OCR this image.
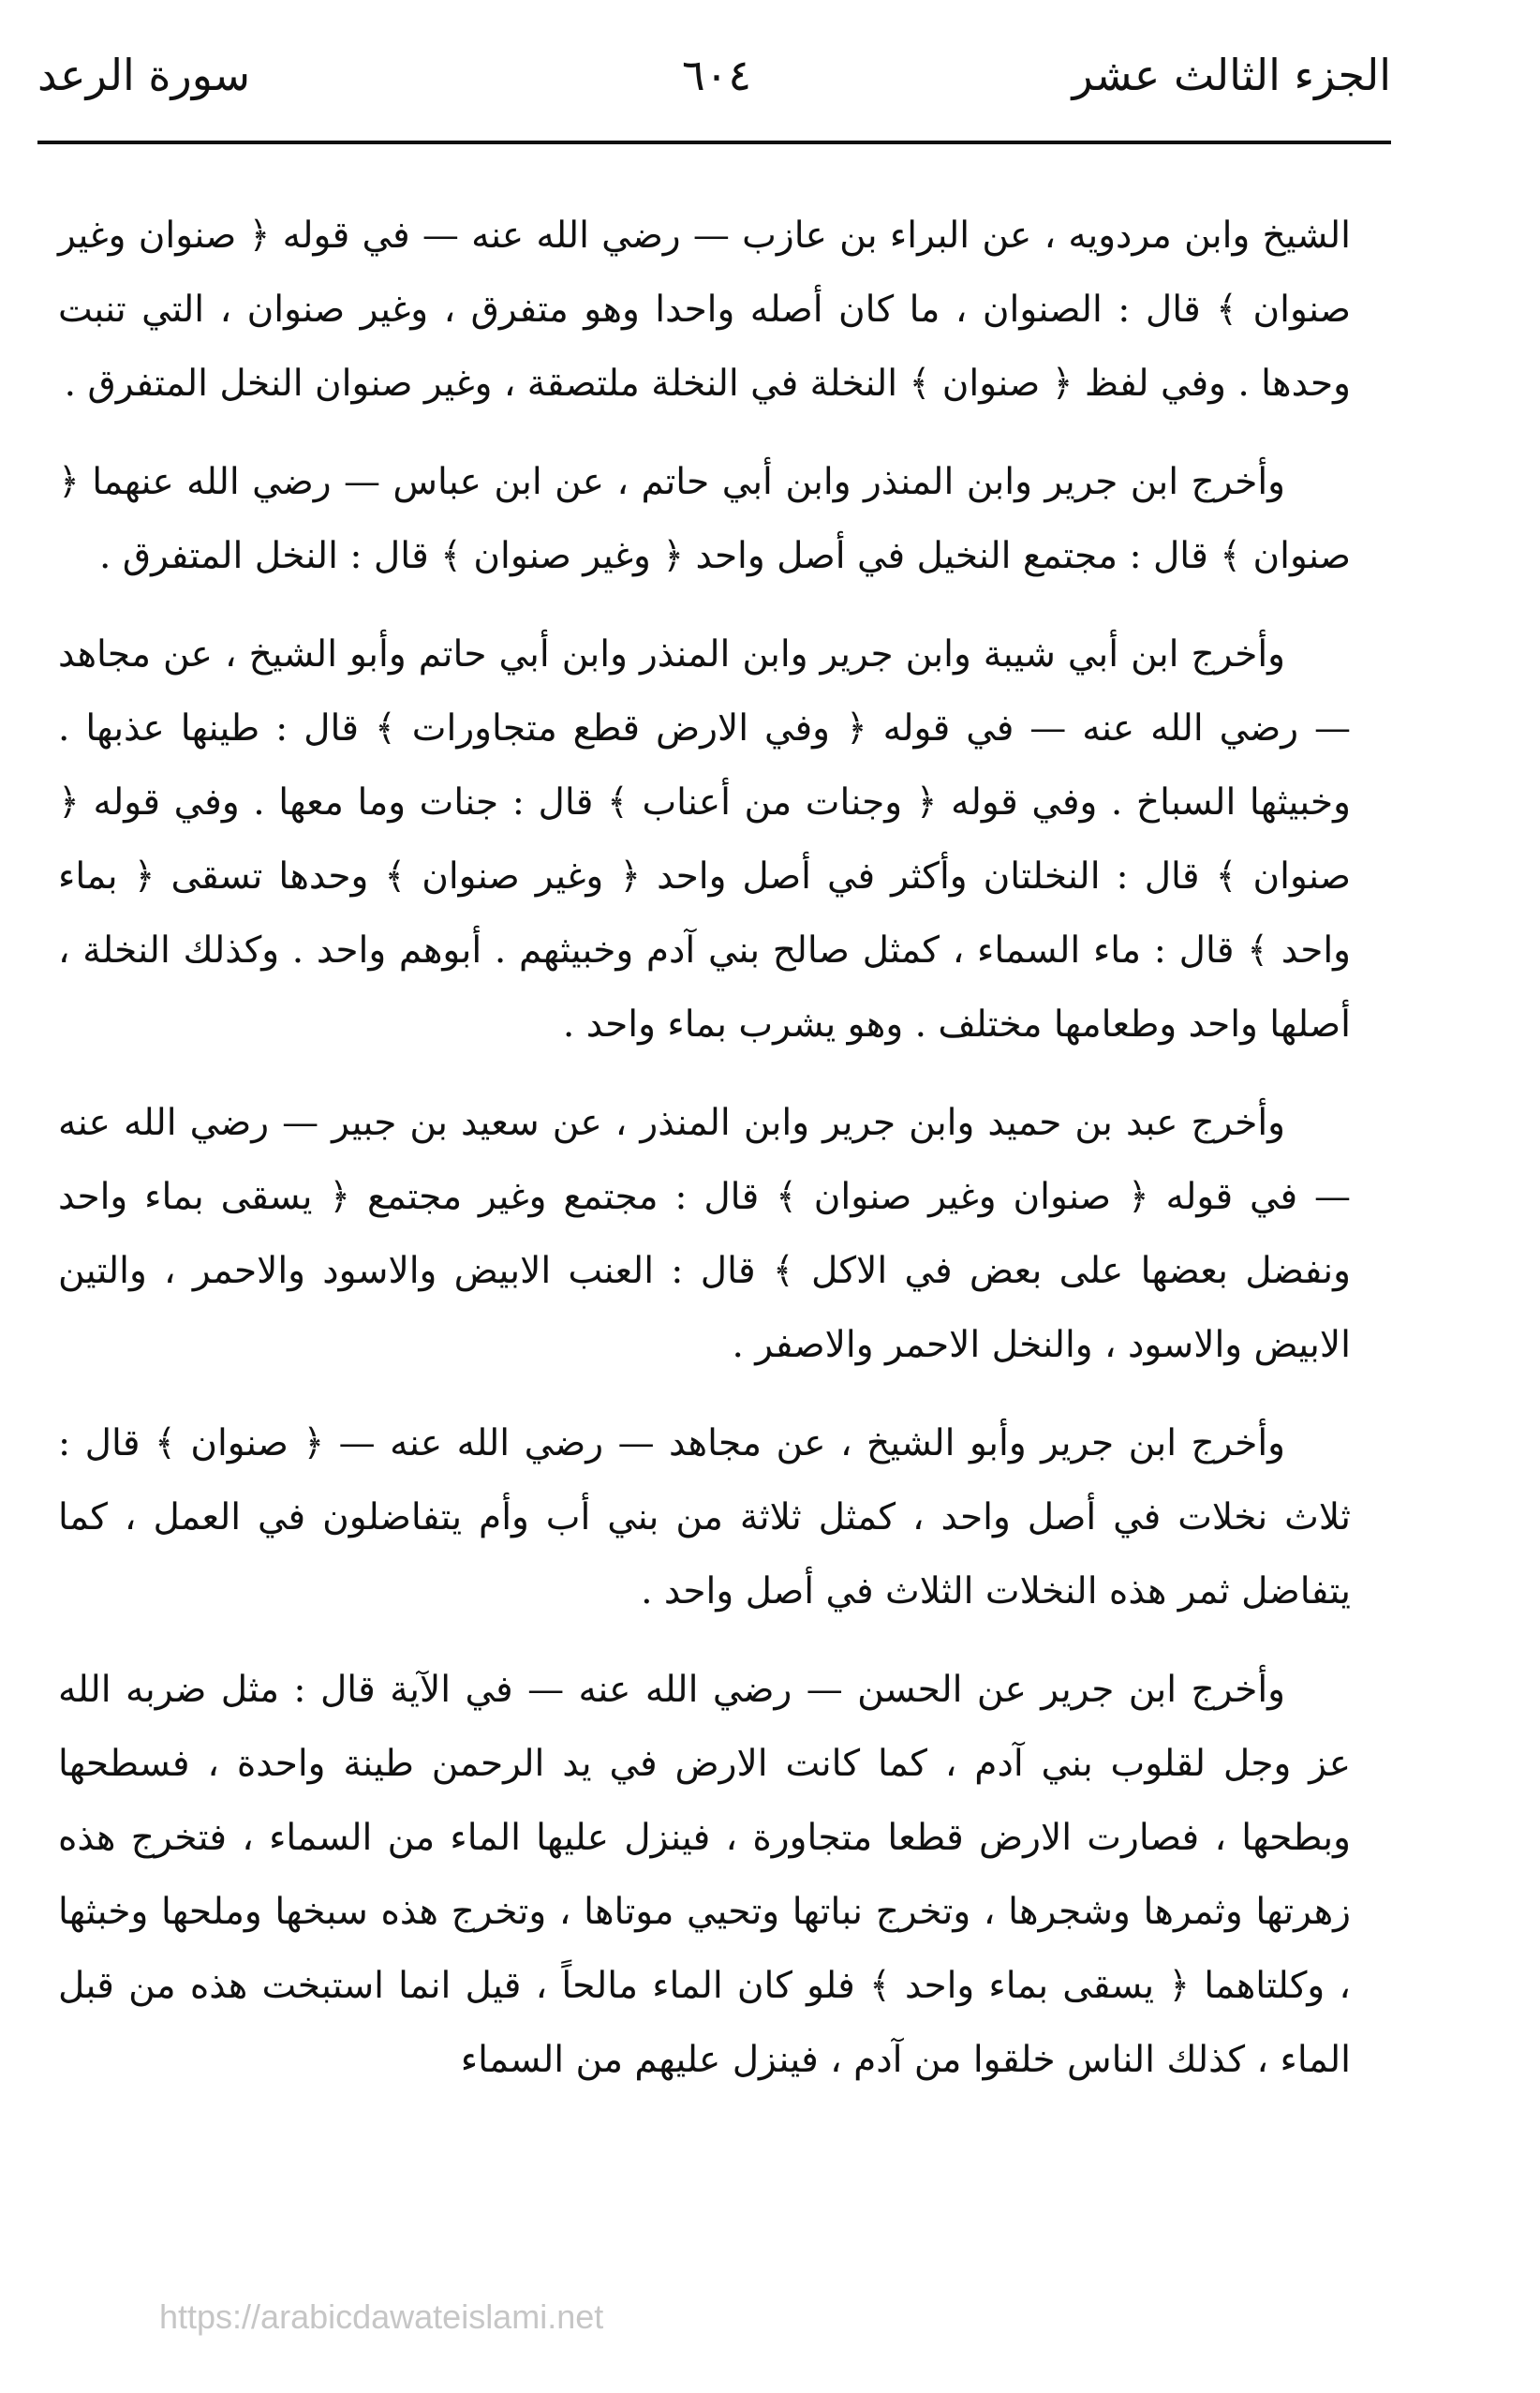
الجزء الثالث عشر
٦٠٤
سورة الرعد

الشيخ وابن مردويه ، عن البراء بن عازب — رضي الله عنه — في قوله ﴿ صنوان وغير صنوان ﴾ قال : الصنوان ، ما كان أصله واحدا وهو متفرق ، وغير صنوان ، التي تنبت وحدها . وفي لفظ ﴿ صنوان ﴾ النخلة في النخلة ملتصقة ، وغير صنوان النخل المتفرق .

وأخرج ابن جرير وابن المنذر وابن أبي حاتم ، عن ابن عباس — رضي الله عنهما ﴿ صنوان ﴾ قال : مجتمع النخيل في أصل واحد ﴿ وغير صنوان ﴾ قال : النخل المتفرق .

وأخرج ابن أبي شيبة وابن جرير وابن المنذر وابن أبي حاتم وأبو الشيخ ، عن مجاهد — رضي الله عنه — في قوله ﴿ وفي الارض قطع متجاورات ﴾ قال : طينها عذبها . وخبيثها السباخ . وفي قوله ﴿ وجنات من أعناب ﴾ قال : جنات وما معها . وفي قوله ﴿ صنوان ﴾ قال : النخلتان وأكثر في أصل واحد ﴿ وغير صنوان ﴾ وحدها تسقى ﴿ بماء واحد ﴾ قال : ماء السماء ، كمثل صالح بني آدم وخبيثهم . أبوهم واحد . وكذلك النخلة ، أصلها واحد وطعامها مختلف . وهو يشرب بماء واحد .

وأخرج عبد بن حميد وابن جرير وابن المنذر ، عن سعيد بن جبير — رضي الله عنه — في قوله ﴿ صنوان وغير صنوان ﴾ قال : مجتمع وغير مجتمع ﴿ يسقى بماء واحد ونفضل بعضها على بعض في الاكل ﴾ قال : العنب الابيض والاسود والاحمر ، والتين الابيض والاسود ، والنخل الاحمر والاصفر .

وأخرج ابن جرير وأبو الشيخ ، عن مجاهد — رضي الله عنه — ﴿ صنوان ﴾ قال : ثلاث نخلات في أصل واحد ، كمثل ثلاثة من بني أب وأم يتفاضلون في العمل ، كما يتفاضل ثمر هذه النخلات الثلاث في أصل واحد .

وأخرج ابن جرير عن الحسن — رضي الله عنه — في الآية قال : مثل ضربه الله عز وجل لقلوب بني آدم ، كما كانت الارض في يد الرحمن طينة واحدة ، فسطحها وبطحها ، فصارت الارض قطعا متجاورة ، فينزل عليها الماء من السماء ، فتخرج هذه زهرتها وثمرها وشجرها ، وتخرج نباتها وتحيي موتاها ، وتخرج هذه سبخها وملحها وخبثها ، وكلتاهما ﴿ يسقى بماء واحد ﴾ فلو كان الماء مالحاً ، قيل انما استبخت هذه من قبل الماء ، كذلك الناس خلقوا من آدم ، فينزل عليهم من السماء

https://arabicdawateislami.net
